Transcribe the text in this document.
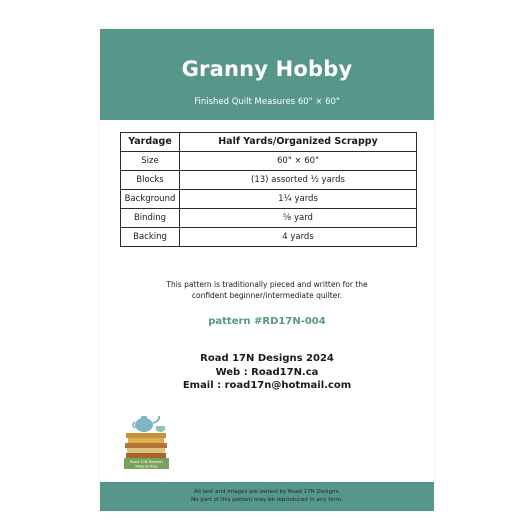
Granny Hobby
Finished Quilt Measures 60" × 60"
Yardage	Half Yards/Organized Scrappy
Size	60" × 60"
Blocks	(13) assorted ½ yards
Background	1¼ yards
Binding	⅝ yard
Backing	4 yards
This pattern is traditionally pieced and written for the
confident beginner/intermediate quilter.
pattern #RD17N-004
Road 17N Designs 2024
Web : Road17N.ca
Email : road17n@hotmail.com
Road 17N Designs
Made by Rose
All text and images are owned by Road 17N Designs.
No part of this pattern may be reproduced in any form.
